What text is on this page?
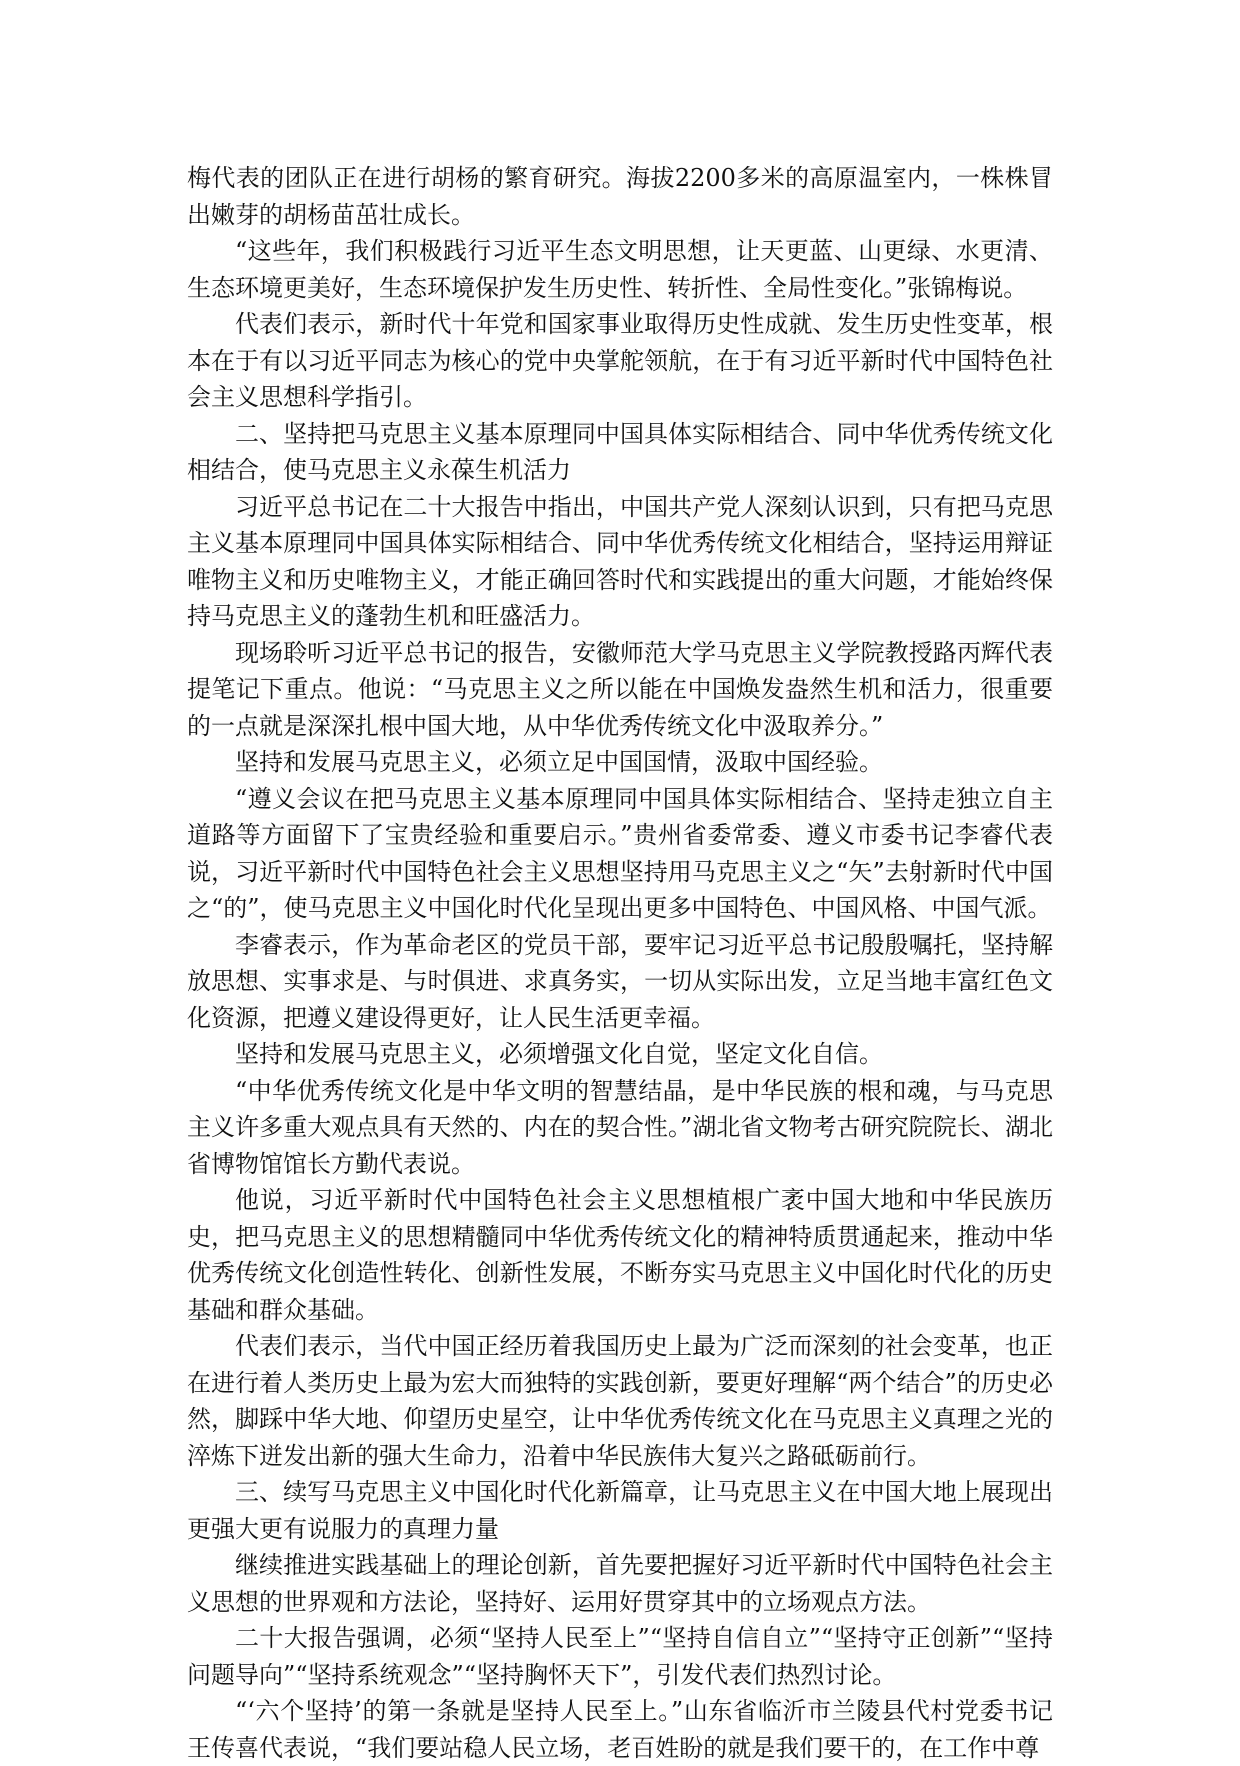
梅代表的团队正在进行胡杨的繁育研究。海拔2200多米的高原温室内，一株株冒出嫩芽的胡杨苗茁壮成长。

“这些年，我们积极践行习近平生态文明思想，让天更蓝、山更绿、水更清、生态环境更美好，生态环境保护发生历史性、转折性、全局性变化。”张锦梅说。

代表们表示，新时代十年党和国家事业取得历史性成就、发生历史性变革，根本在于有以习近平同志为核心的党中央掌舵领航，在于有习近平新时代中国特色社会主义思想科学指引。

二、坚持把马克思主义基本原理同中国具体实际相结合、同中华优秀传统文化相结合，使马克思主义永葆生机活力

习近平总书记在二十大报告中指出，中国共产党人深刻认识到，只有把马克思主义基本原理同中国具体实际相结合、同中华优秀传统文化相结合，坚持运用辩证唯物主义和历史唯物主义，才能正确回答时代和实践提出的重大问题，才能始终保持马克思主义的蓬勃生机和旺盛活力。

现场聆听习近平总书记的报告，安徽师范大学马克思主义学院教授路丙辉代表提笔记下重点。他说：“马克思主义之所以能在中国焕发盎然生机和活力，很重要的一点就是深深扎根中国大地，从中华优秀传统文化中汲取养分。”

坚持和发展马克思主义，必须立足中国国情，汲取中国经验。

“遵义会议在把马克思主义基本原理同中国具体实际相结合、坚持走独立自主道路等方面留下了宝贵经验和重要启示。”贵州省委常委、遵义市委书记李睿代表说，习近平新时代中国特色社会主义思想坚持用马克思主义之“矢”去射新时代中国之“的”，使马克思主义中国化时代化呈现出更多中国特色、中国风格、中国气派。

李睿表示，作为革命老区的党员干部，要牢记习近平总书记殷殷嘱托，坚持解放思想、实事求是、与时俱进、求真务实，一切从实际出发，立足当地丰富红色文化资源，把遵义建设得更好，让人民生活更幸福。

坚持和发展马克思主义，必须增强文化自觉，坚定文化自信。

“中华优秀传统文化是中华文明的智慧结晶，是中华民族的根和魂，与马克思主义许多重大观点具有天然的、内在的契合性。”湖北省文物考古研究院院长、湖北省博物馆馆长方勤代表说。

他说，习近平新时代中国特色社会主义思想植根广袤中国大地和中华民族历史，把马克思主义的思想精髓同中华优秀传统文化的精神特质贯通起来，推动中华优秀传统文化创造性转化、创新性发展，不断夯实马克思主义中国化时代化的历史基础和群众基础。

代表们表示，当代中国正经历着我国历史上最为广泛而深刻的社会变革，也正在进行着人类历史上最为宏大而独特的实践创新，要更好理解“两个结合”的历史必然，脚踩中华大地、仰望历史星空，让中华优秀传统文化在马克思主义真理之光的淬炼下迸发出新的强大生命力，沿着中华民族伟大复兴之路砥砺前行。

三、续写马克思主义中国化时代化新篇章，让马克思主义在中国大地上展现出更强大更有说服力的真理力量

继续推进实践基础上的理论创新，首先要把握好习近平新时代中国特色社会主义思想的世界观和方法论，坚持好、运用好贯穿其中的立场观点方法。

二十大报告强调，必须“坚持人民至上”“坚持自信自立”“坚持守正创新”“坚持问题导向”“坚持系统观念”“坚持胸怀天下”，引发代表们热烈讨论。

“‘六个坚持’的第一条就是坚持人民至上。”山东省临沂市兰陵县代村党委书记王传喜代表说，“我们要站稳人民立场，老百姓盼的就是我们要干的，在工作中尊
